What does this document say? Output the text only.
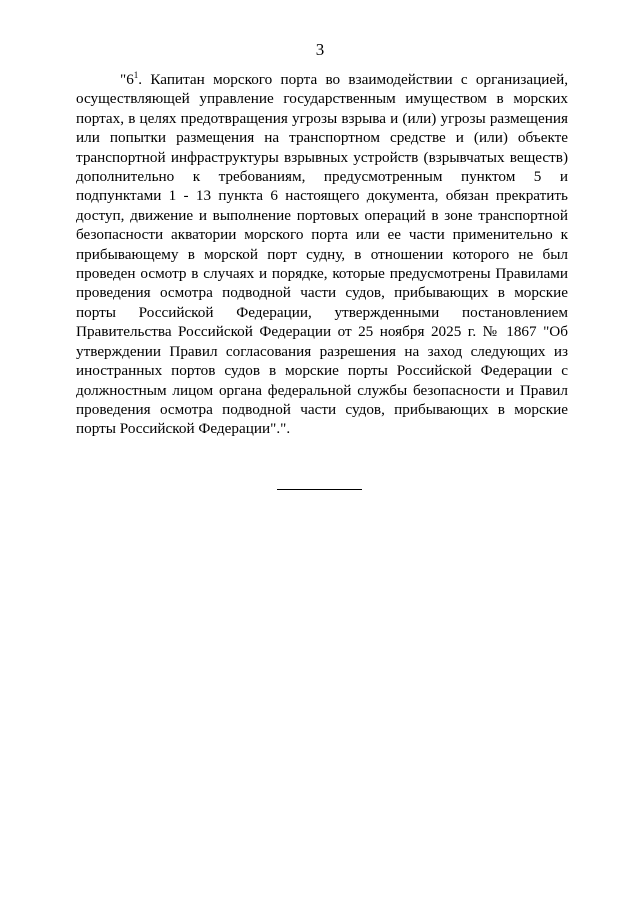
3

"$6^1$. Капитан морского порта во взаимодействии с организацией, осуществляющей управление государственным имуществом в морских портах, в целях предотвращения угрозы взрыва и (или) угрозы размещения или попытки размещения на транспортном средстве и (или) объекте транспортной инфраструктуры взрывных устройств (взрывчатых веществ) дополнительно к требованиям, предусмотренным пунктом 5 и подпунктами 1 - 13 пункта 6 настоящего документа, обязан прекратить доступ, движение и выполнение портовых операций в зоне транспортной безопасности акватории морского порта или ее части применительно к прибывающему в морской порт судну, в отношении которого не был проведен осмотр в случаях и порядке, которые предусмотрены Правилами проведения осмотра подводной части судов, прибывающих в морские порты Российской Федерации, утвержденными постановлением Правительства Российской Федерации от 25 ноября 2025 г. № 1867 "Об утверждении Правил согласования разрешения на заход следующих из иностранных портов судов в морские порты Российской Федерации с должностным лицом органа федеральной службы безопасности и Правил проведения осмотра подводной части судов, прибывающих в морские порты Российской Федерации".".
